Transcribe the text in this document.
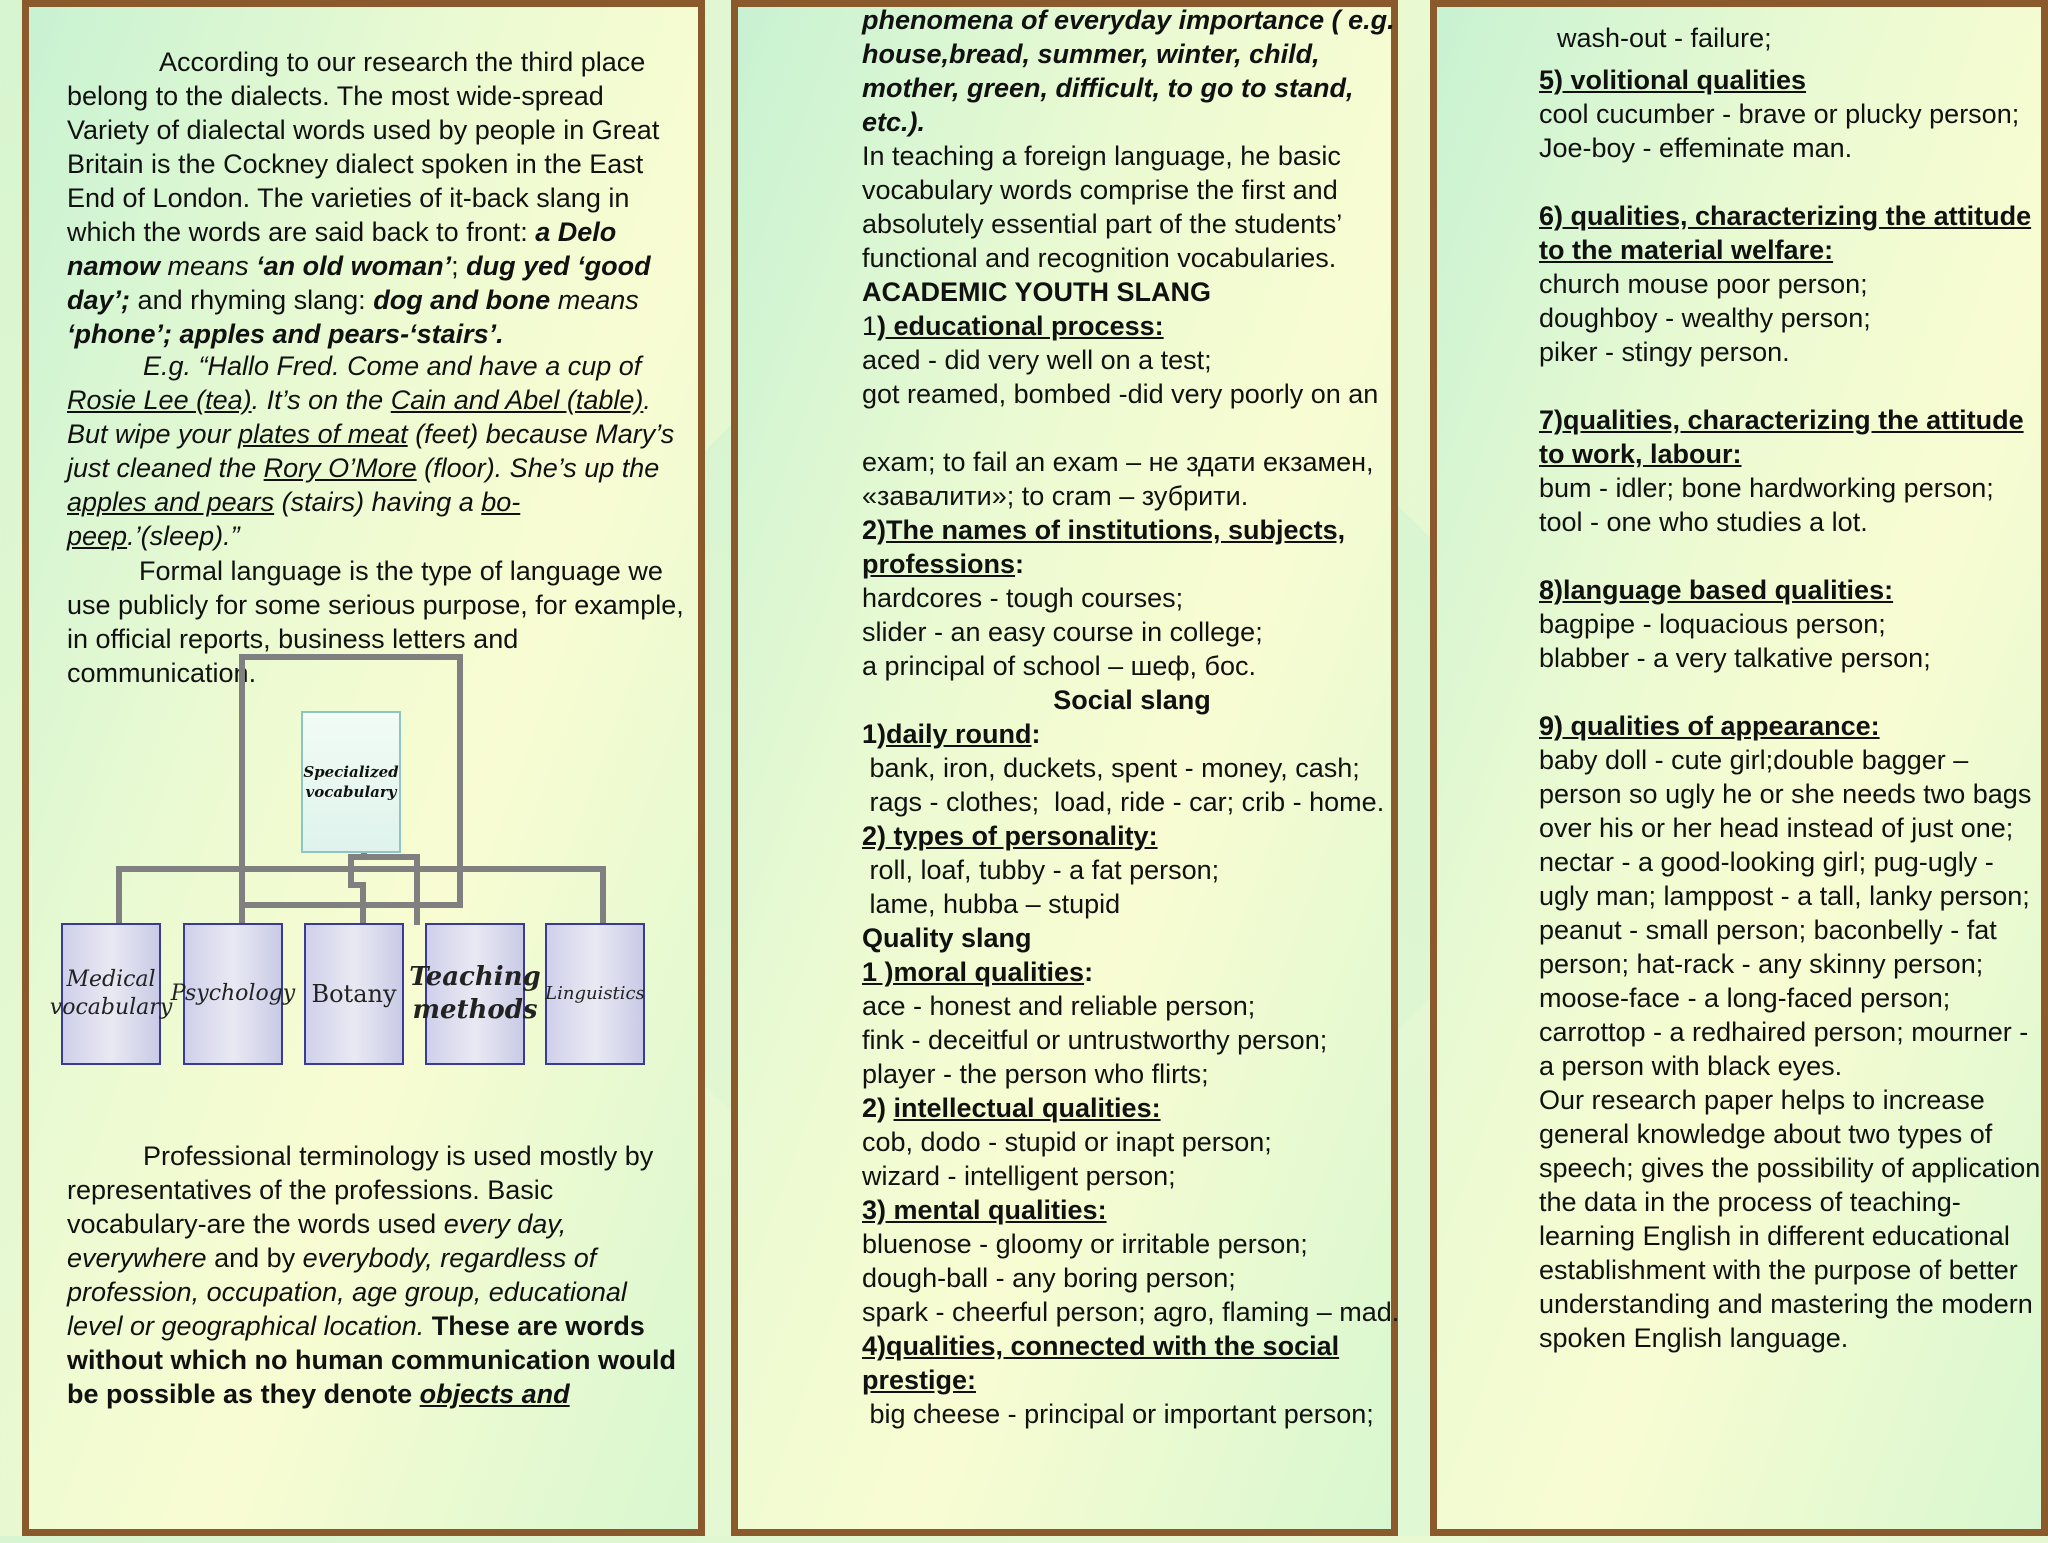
According to our research the third place belong to the dialects. The most wide-spread Variety of dialectal words used by people in Great Britain is the Cockney dialect spoken in the East End of London. The varieties of it-back slang in which the words are said back to front: a Delo namow means ‘an old woman’; dug yed ‘good day’; and rhyming slang: dog and bone means ‘phone’; apples and pears-‘stairs’.

E.g. “Hallo Fred. Come and have a cup of Rosie Lee (tea). It’s on the Cain and Abel (table). But wipe your plates of meat (feet) because Mary’s just cleaned the Rory O’More (floor). She’s up the apples and pears (stairs) having a bo- peep.’(sleep).”

Formal language is the type of language we use publicly for some serious purpose, for example, in official reports, business letters and communication.

Specialized vocabulary
Medical vocabulary
Psychology Botany
Teaching methods
Linguistics

Professional terminology is used mostly by representatives of the professions. Basic vocabulary-are the words used every day, everywhere and by everybody, regardless of profession, occupation, age group, educational level or geographical location. These are words without which no human communication would be possible as they denote objects and

phenomena of everyday importance ( e.g. house,bread, summer, winter, child, mother, green, difficult, to go to stand, etc.).

In teaching a foreign language, he basic vocabulary words comprise the first and absolutely essential part of the students’ functional and recognition vocabularies.

ACADEMIC YOUTH SLANG

1) educational process:

aced - did very well on a test;

got reamed, bombed -did very poorly on an

exam; to fail an exam – не здати екзамен, «завалити»; to cram – зубрити.

2)The names of institutions, subjects, professions:

hardcores - tough courses;

slider - an easy course in college;

a principal of school – шеф, бос.

Social slang

1)daily round:

bank, iron, duckets, spent - money, cash;

rags - clothes;  load, ride - car; crib - home.

2) types of personality:

roll, loaf, tubby - a fat person;

lame, hubba – stupid

Quality slang

1 )moral qualities:

ace - honest and reliable person;

fink - deceitful or untrustworthy person;

player - the person who flirts;

2) intellectual qualities:

cob, dodo - stupid or inapt person;

wizard - intelligent person;

3) mental qualities:

bluenose - gloomy or irritable person;

dough-ball - any boring person;

spark - cheerful person; agro, flaming – mad.

4)qualities, connected with the social prestige:

big cheese - principal or important person;

wash-out - failure;

5) volitional qualities

cool cucumber - brave or plucky person;

Joe-boy - effeminate man.

6) qualities, characterizing the attitude to the material welfare:

church mouse poor person;

doughboy - wealthy person;

piker - stingy person.

7)qualities, characterizing the attitude to work, labour:

bum - idler; bone hardworking person;

tool - one who studies a lot.

8)language based qualities:

bagpipe - loquacious person;

blabber - a very talkative person;

9) qualities of appearance:

baby doll - cute girl;double bagger – person so ugly he or she needs two bags over his or her head instead of just one; nectar - a good-looking girl; pug-ugly - ugly man; lamppost - a tall, lanky person; peanut - small person; baconbelly - fat person; hat-rack - any skinny person; moose-face - a long-faced person; carrottop - a redhaired person; mourner - a person with black eyes.

Our research paper helps to increase general knowledge about two types of speech; gives the possibility of application the data in the process of teaching-learning English in different educational establishment with the purpose of better understanding and mastering the modern spoken English language.
